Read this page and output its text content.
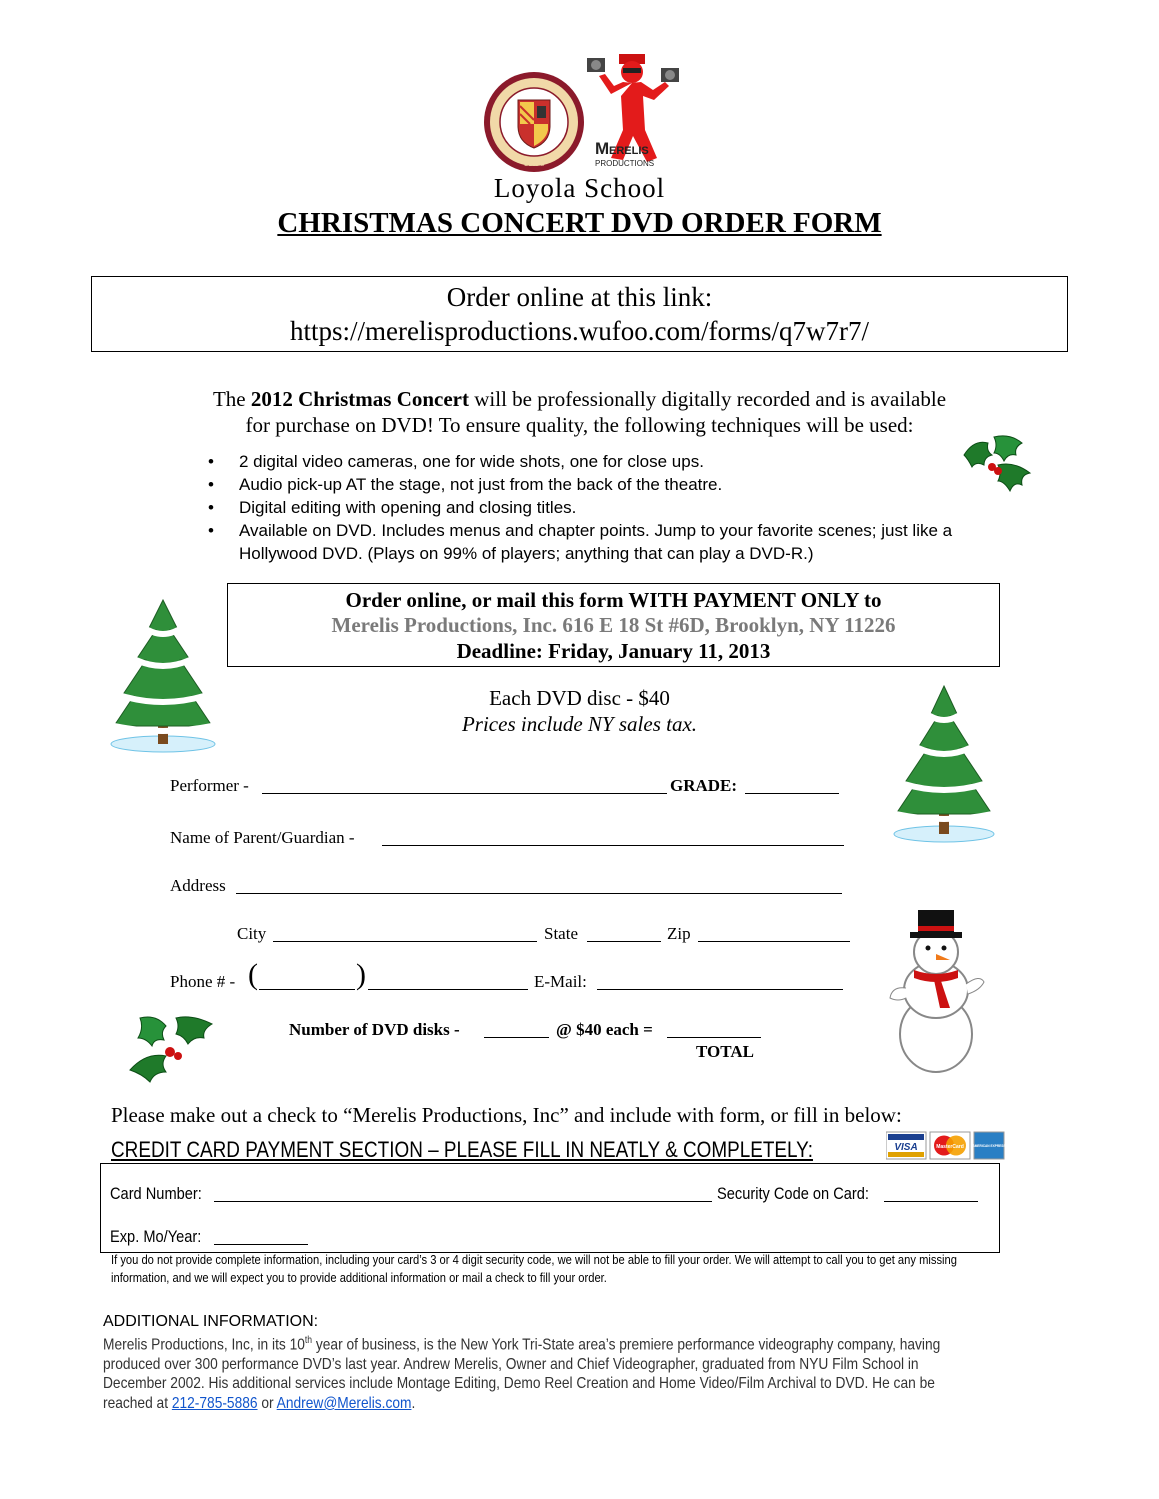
1900
M ERELIS
PRODUCTIONS
Loyola School
CHRISTMAS CONCERT DVD ORDER FORM
Order online at this link:
https://merelisproductions.wufoo.com/forms/q7w7r7/
The 2012 Christmas Concert will be professionally digitally recorded and is available
for purchase on DVD! To ensure quality, the following techniques will be used:
• 2 digital video cameras, one for wide shots, one for close ups.
• Audio pick-up AT the stage, not just from the back of the theatre.
• Digital editing with opening and closing titles.
• Available on DVD. Includes menus and chapter points. Jump to your favorite scenes; just like a Hollywood DVD. (Plays on 99% of players; anything that can play a DVD-R.)
Order online, or mail this form WITH PAYMENT ONLY to
Merelis Productions, Inc. 616 E 18 St #6D, Brooklyn, NY 11226
Deadline: Friday, January 11, 2013
Each DVD disc - $40
Prices include NY sales tax.
Performer -	GRADE:
Name of Parent/Guardian -
Address
City	State	Zip
Phone # - (	)	E-Mail:
Number of DVD disks -	@ $40 each =
TOTAL
Please make out a check to “Merelis Productions, Inc” and include with form, or fill in below:
CREDIT CARD PAYMENT SECTION – PLEASE FILL IN NEATLY & COMPLETELY:	VISA	MasterCard	AMERICAN EXPRESS
Card Number:	Security Code on Card:
Exp. Mo/Year:
If you do not provide complete information, including your card’s 3 or 4 digit security code, we will not be able to fill your order. We will attempt to call you to get any missing information, and we will expect you to provide additional information or mail a check to fill your order.
ADDITIONAL INFORMATION:
Merelis Productions, Inc, in its 10th year of business, is the New York Tri-State area’s premiere performance videography company, having produced over 300 performance DVD’s last year. Andrew Merelis, Owner and Chief Videographer, graduated from NYU Film School in December 2002. His additional services include Montage Editing, Demo Reel Creation and Home Video/Film Archival to DVD. He can be reached at 212-785-5886 or Andrew@Merelis.com.
